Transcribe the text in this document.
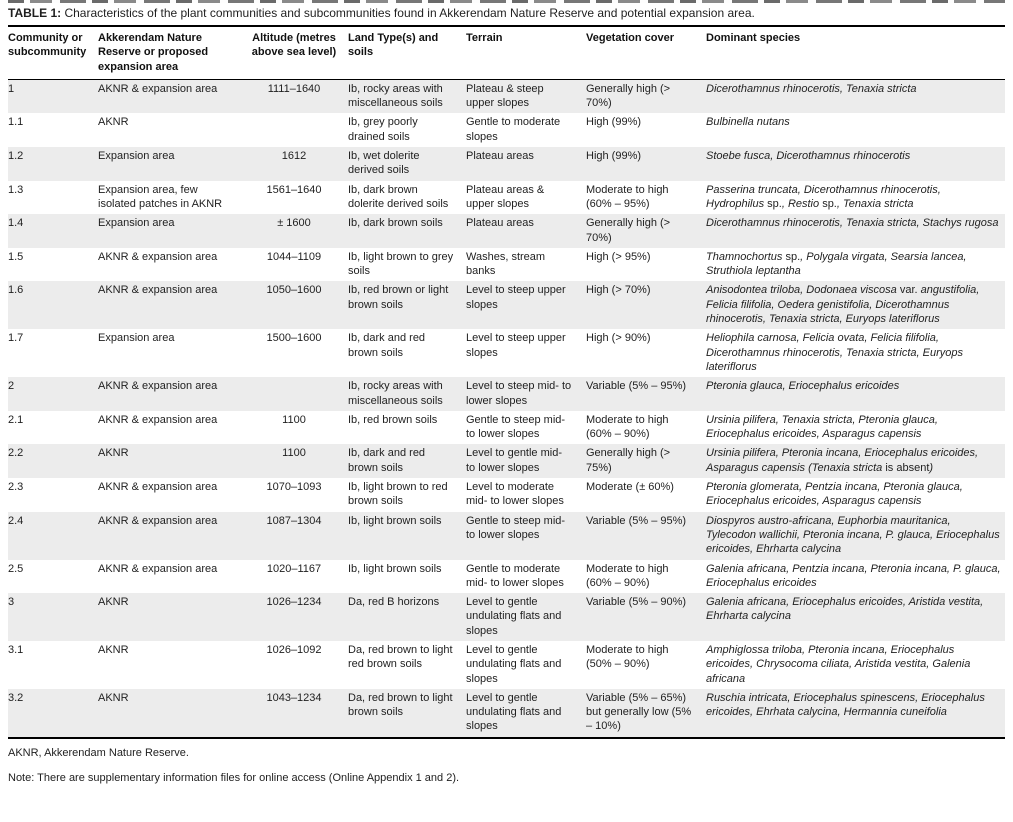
TABLE 1: Characteristics of the plant communities and subcommunities found in Akkerendam Nature Reserve and potential expansion area.

Community or subcommunity	Akkerendam Nature Reserve or proposed expansion area	Altitude (metres above sea level)	Land Type(s) and soils	Terrain	Vegetation cover	Dominant species
1	AKNR & expansion area	1111–1640	Ib, rocky areas with miscellaneous soils	Plateau & steep upper slopes	Generally high (> 70%)	Dicerothamnus rhinocerotis, Tenaxia stricta
1.1	AKNR		Ib, grey poorly drained soils	Gentle to moderate slopes	High (99%)	Bulbinella nutans
1.2	Expansion area	1612	Ib, wet dolerite derived soils	Plateau areas	High (99%)	Stoebe fusca, Dicerothamnus rhinocerotis
1.3	Expansion area, few isolated patches in AKNR	1561–1640	Ib, dark brown dolerite derived soils	Plateau areas & upper slopes	Moderate to high (60% – 95%)	Passerina truncata, Dicerothamnus rhinocerotis, Hydrophilus sp., Restio sp., Tenaxia stricta
1.4	Expansion area	± 1600	Ib, dark brown soils	Plateau areas	Generally high (> 70%)	Dicerothamnus rhinocerotis, Tenaxia stricta, Stachys rugosa
1.5	AKNR & expansion area	1044–1109	Ib, light brown to grey soils	Washes, stream banks	High (> 95%)	Thamnochortus sp., Polygala virgata, Searsia lancea, Struthiola leptantha
1.6	AKNR & expansion area	1050–1600	Ib, red brown or light brown soils	Level to steep upper slopes	High (> 70%)	Anisodontea triloba, Dodonaea viscosa var. angustifolia, Felicia filifolia, Oedera genistifolia, Dicerothamnus rhinocerotis, Tenaxia stricta, Euryops lateriflorus
1.7	Expansion area	1500–1600	Ib, dark and red brown soils	Level to steep upper slopes	High (> 90%)	Heliophila carnosa, Felicia ovata, Felicia filifolia, Dicerothamnus rhinocerotis, Tenaxia stricta, Euryops lateriflorus
2	AKNR & expansion area		Ib, rocky areas with miscellaneous soils	Level to steep mid- to lower slopes	Variable (5% – 95%)	Pteronia glauca, Eriocephalus ericoides
2.1	AKNR & expansion area	1100	Ib, red brown soils	Gentle to steep mid- to lower slopes	Moderate to high (60% – 90%)	Ursinia pilifera, Tenaxia stricta, Pteronia glauca, Eriocephalus ericoides, Asparagus capensis
2.2	AKNR	1100	Ib, dark and red brown soils	Level to gentle mid- to lower slopes	Generally high (> 75%)	Ursinia pilifera, Pteronia incana, Eriocephalus ericoides, Asparagus capensis (Tenaxia stricta is absent)
2.3	AKNR & expansion area	1070–1093	Ib, light brown to red brown soils	Level to moderate mid- to lower slopes	Moderate (± 60%)	Pteronia glomerata, Pentzia incana, Pteronia glauca, Eriocephalus ericoides, Asparagus capensis
2.4	AKNR & expansion area	1087–1304	Ib, light brown soils	Gentle to steep mid- to lower slopes	Variable (5% – 95%)	Diospyros austro-africana, Euphorbia mauritanica, Tylecodon wallichii, Pteronia incana, P. glauca, Eriocephalus ericoides, Ehrharta calycina
2.5	AKNR & expansion area	1020–1167	Ib, light brown soils	Gentle to moderate mid- to lower slopes	Moderate to high (60% – 90%)	Galenia africana, Pentzia incana, Pteronia incana, P. glauca, Eriocephalus ericoides
3	AKNR	1026–1234	Da, red B horizons	Level to gentle undulating flats and slopes	Variable (5% – 90%)	Galenia africana, Eriocephalus ericoides, Aristida vestita, Ehrharta calycina
3.1	AKNR	1026–1092	Da, red brown to light red brown soils	Level to gentle undulating flats and slopes	Moderate to high (50% – 90%)	Amphiglossa triloba, Pteronia incana, Eriocephalus ericoides, Chrysocoma ciliata, Aristida vestita, Galenia africana
3.2	AKNR	1043–1234	Da, red brown to light brown soils	Level to gentle undulating flats and slopes	Variable (5% – 65%) but generally low (5% – 10%)	Ruschia intricata, Eriocephalus spinescens, Eriocephalus ericoides, Ehrhata calycina, Hermannia cuneifolia

AKNR, Akkerendam Nature Reserve.

Note: There are supplementary information files for online access (Online Appendix 1 and 2).
